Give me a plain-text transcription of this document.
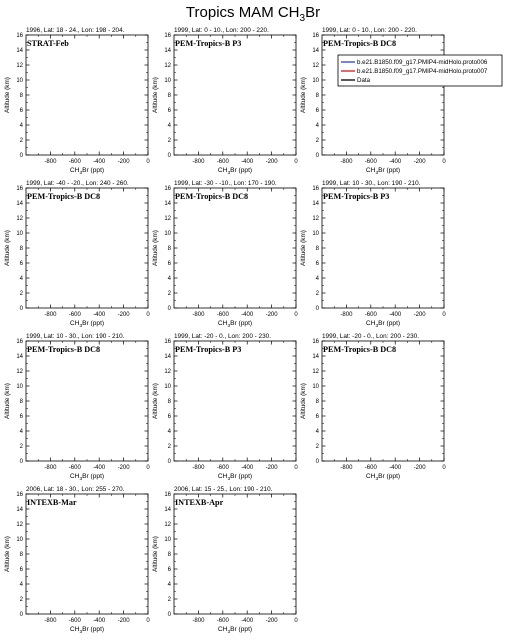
Tropics MAM $CH_3Br$
1996, Lat: 18 - 24., Lon: 198 - 204.
STRAT-Feb
0
2
4
6
8
10
12
14
16
-800 -600 -400 -200	0
$CH_3Br$ (ppt)
Altitude (km)
1999, Lat: 0 - 10., Lon: 200 - 220.
PEM-Tropics-B P3
0
2
4
6
8
10
12
14
16
-800 -600 -400 -200	0
$CH_3Br$ (ppt)
Altitude (km)
1999, Lat: 0 - 10., Lon: 200 - 220.
PEM-Tropics-B DC8
0
2
4
6
8
10
12
14
16
-800 -600 -400 -200	0
$CH_3Br$ (ppt)
Altitude (km)
1999, Lat: -40 - -20., Lon: 240 - 260.
PEM-Tropics-B DC8
0
2
4
6
8
10
12
14
16
-800 -600 -400 -200	0
$CH_3Br$ (ppt)
Altitude (km)
1999, Lat: -30 - -10., Lon: 170 - 190.
PEM-Tropics-B DC8
0
2
4
6
8
10
12
14
16
-800 -600 -400 -200	0
$CH_3Br$ (ppt)
Altitude (km)
1999, Lat: 10 - 30., Lon: 190 - 210.
PEM-Tropics-B P3
0
2
4
6
8
10
12
14
16
-800 -600 -400 -200	0
$CH_3Br$ (ppt)
Altitude (km)
1999, Lat: 10 - 30., Lon: 190 - 210.
PEM-Tropics-B DC8
0
2
4
6
8
10
12
14
16
-800 -600 -400 -200	0
$CH_3Br$ (ppt)
Altitude (km)
1999, Lat: -20 - 0., Lon: 200 - 230.
PEM-Tropics-B P3
0
2
4
6
8
10
12
14
16
-800 -600 -400 -200	0
$CH_3Br$ (ppt)
Altitude (km)
1999, Lat: -20 - 0., Lon: 200 - 230.
PEM-Tropics-B DC8
0
2
4
6
8
10
12
14
16
-800 -600 -400 -200	0
$CH_3Br$ (ppt)
Altitude (km)
2006, Lat: 18 - 30., Lon: 255 - 270.
INTEXB-Mar
0
2
4
6
8
10
12
14
16
-800 -600 -400 -200	0
$CH_3Br$ (ppt)
Altitude (km)
2006, Lat: 15 - 25., Lon: 190 - 210.
INTEXB-Apr
0
2
4
6
8
10
12
14
16
-800 -600 -400 -200	0
$CH_3Br$ (ppt)
Altitude (km)
b.e21.B1850.f09_g17.PMIP4-midHolo.proto006
b.e21.B1850.f09_g17.PMIP4-midHolo.proto007
Data
